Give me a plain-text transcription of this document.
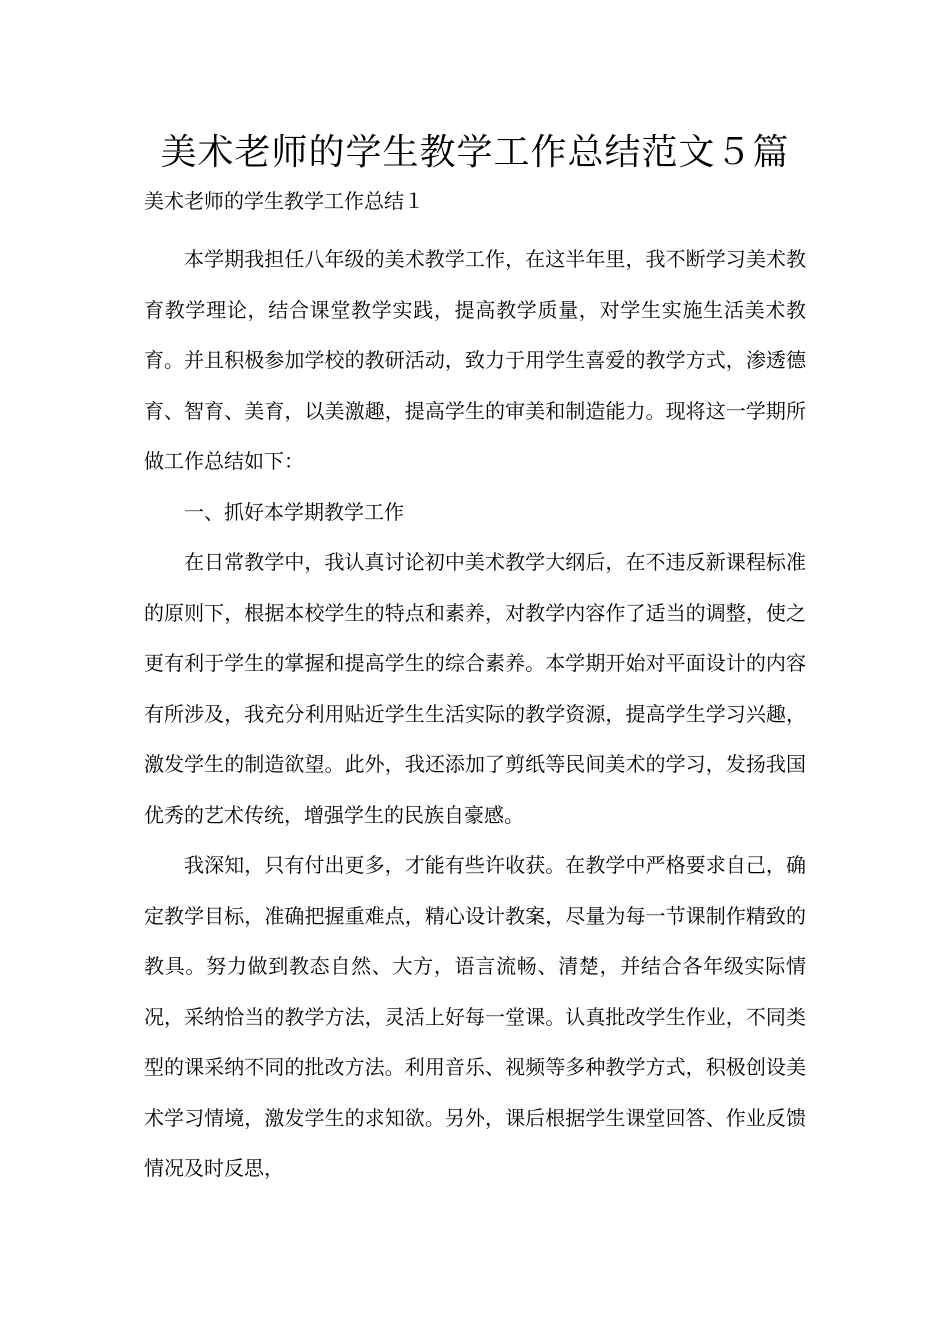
美术老师的学生教学工作总结范文５篇

美术老师的学生教学工作总结１

本学期我担任八年级的美术教学工作，在这半年里，我不断学习美术教育教学理论，结合课堂教学实践，提高教学质量，对学生实施生活美术教育。并且积极参加学校的教研活动，致力于用学生喜爱的教学方式，渗透德育、智育、美育，以美激趣，提高学生的审美和制造能力。现将这一学期所做工作总结如下：

一、抓好本学期教学工作

在日常教学中，我认真讨论初中美术教学大纲后，在不违反新课程标准的原则下，根据本校学生的特点和素养，对教学内容作了适当的调整，使之更有利于学生的掌握和提高学生的综合素养。本学期开始对平面设计的内容有所涉及，我充分利用贴近学生生活实际的教学资源，提高学生学习兴趣，激发学生的制造欲望。此外，我还添加了剪纸等民间美术的学习，发扬我国优秀的艺术传统，增强学生的民族自豪感。

我深知，只有付出更多，才能有些许收获。在教学中严格要求自己，确定教学目标，准确把握重难点，精心设计教案，尽量为每一节课制作精致的教具。努力做到教态自然、大方，语言流畅、清楚，并结合各年级实际情况，采纳恰当的教学方法，灵活上好每一堂课。认真批改学生作业，不同类型的课采纳不同的批改方法。利用音乐、视频等多种教学方式，积极创设美术学习情境，激发学生的求知欲。另外，课后根据学生课堂回答、作业反馈情况及时反思，
